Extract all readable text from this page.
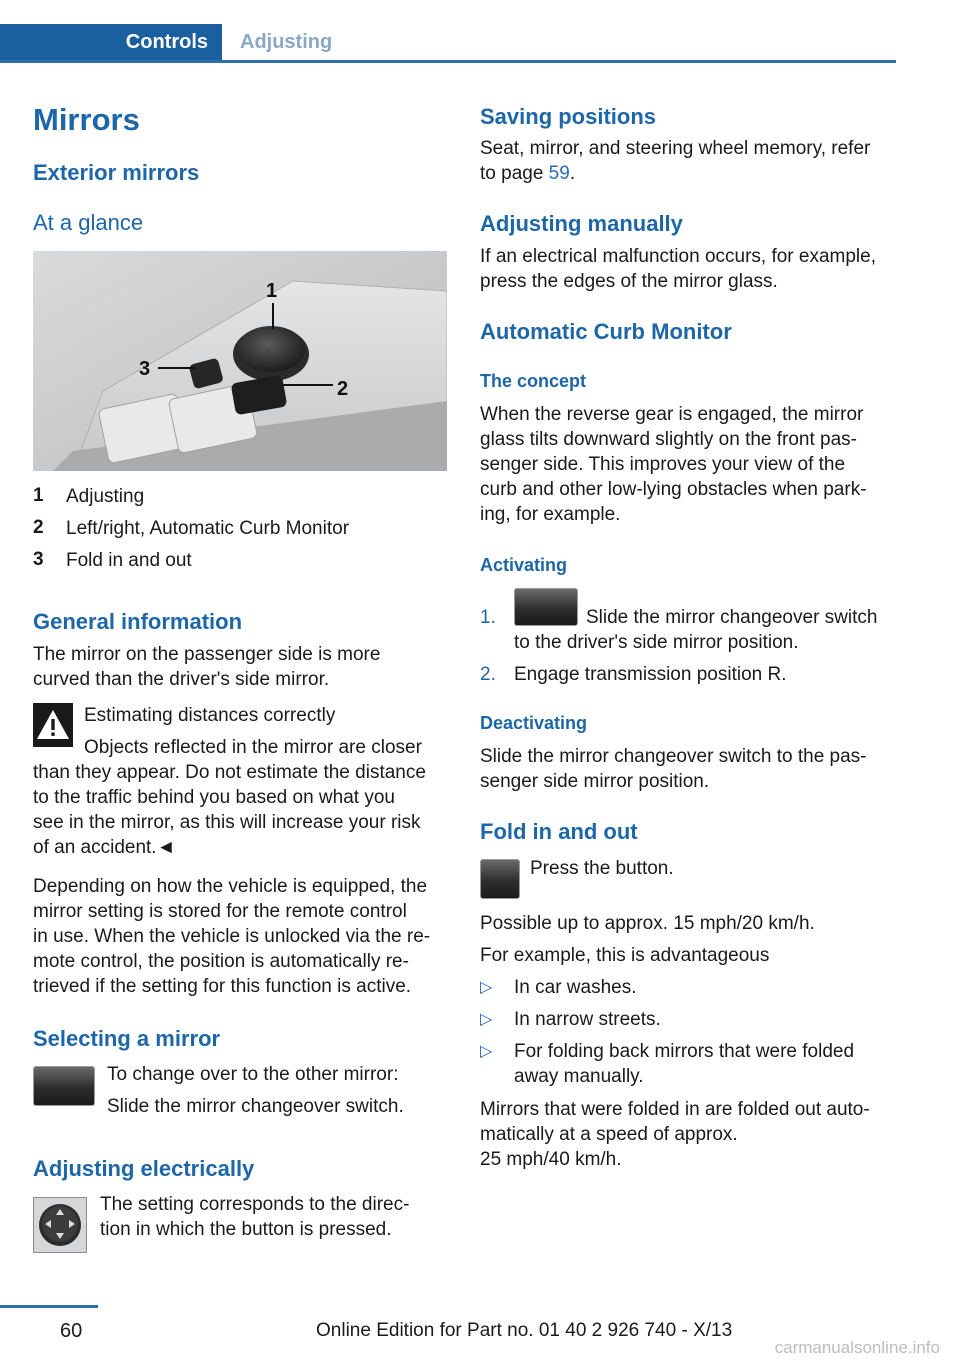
Controls	Adjusting
Mirrors
Exterior mirrors
At a glance
1
2
3
1 Adjusting
2 Left/right, Automatic Curb Monitor
3 Fold in and out
General information
The mirror on the passenger side is more
curved than the driver's side mirror.
Estimating distances correctly
Objects reflected in the mirror are closer
than they appear. Do not estimate the distance
to the traffic behind you based on what you
see in the mirror, as this will increase your risk
of an accident.◄
Depending on how the vehicle is equipped, the
mirror setting is stored for the remote control
in use. When the vehicle is unlocked via the re‐
mote control, the position is automatically re‐
trieved if the setting for this function is active.
Selecting a mirror
To change over to the other mirror:
Slide the mirror changeover switch.
Adjusting electrically
The setting corresponds to the direc‐
tion in which the button is pressed.
Saving positions
Seat, mirror, and steering wheel memory, refer
to page 59.
Adjusting manually
If an electrical malfunction occurs, for example,
press the edges of the mirror glass.
Automatic Curb Monitor
The concept
When the reverse gear is engaged, the mirror
glass tilts downward slightly on the front pas‐
senger side. This improves your view of the
curb and other low-lying obstacles when park‐
ing, for example.
Activating
1.	Slide the mirror changeover switch
to the driver's side mirror position.
2. Engage transmission position R.
Deactivating
Slide the mirror changeover switch to the pas‐
senger side mirror position.
Fold in and out
Press the button.
Possible up to approx. 15 mph/20 km/h.
For example, this is advantageous
▷ In car washes.
▷ In narrow streets.
▷ For folding back mirrors that were folded
away manually.
Mirrors that were folded in are folded out auto‐
matically at a speed of approx.
25 mph/40 km/h.
60	Online Edition for Part no. 01 40 2 926 740 - X/13
carmanualsonline.info
